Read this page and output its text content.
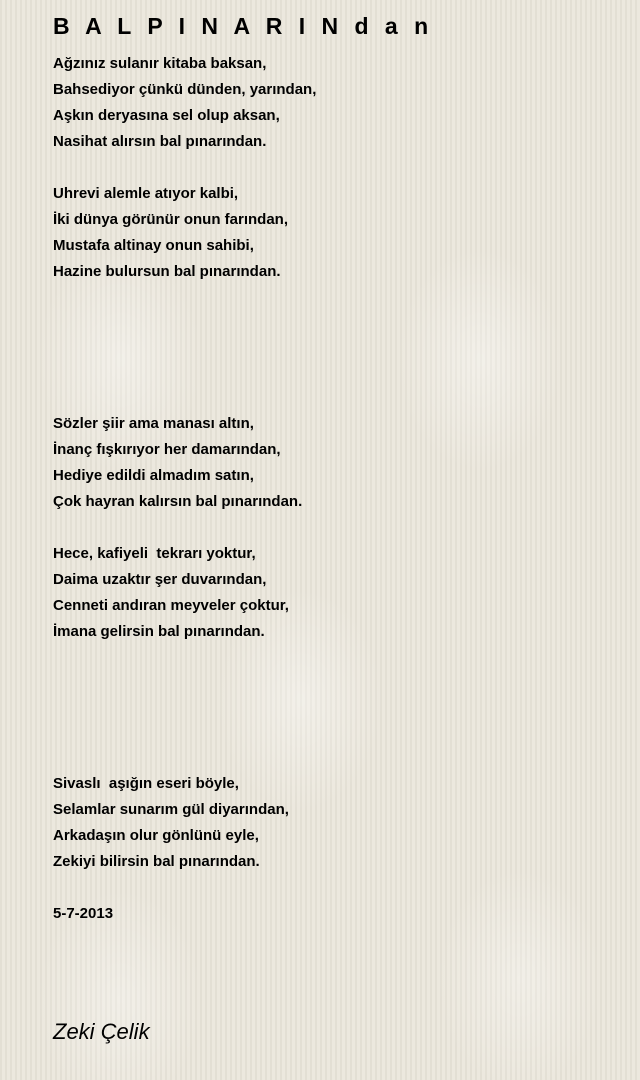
B A L P I N A R I N d a n
Ağzınız sulanır kitaba baksan,
Bahsediyor çünkü dünden, yarından,
Aşkın deryasına sel olup aksan,
Nasihat alırsın bal pınarından.
Uhrevi alemle atıyor kalbi,
İki dünya görünür onun farından,
Mustafa altinay onun sahibi,
Hazine bulursun bal pınarından.
Sözler şiir ama manası altın,
İnanç fışkırıyor her damarından,
Hediye edildi almadım satın,
Çok hayran kalırsın bal pınarından.
Hece, kafiyeli  tekrarı yoktur,
Daima uzaktır şer duvarından,
Cenneti andıran meyveler çoktur,
İmana gelirsin bal pınarından.
Sivaslı  aşığın eseri böyle,
Selamlar sunarım gül diyarından,
Arkadaşın olur gönlünü eyle,
Zekiyi bilirsin bal pınarından.

5-7-2013

Zeki Çelik
